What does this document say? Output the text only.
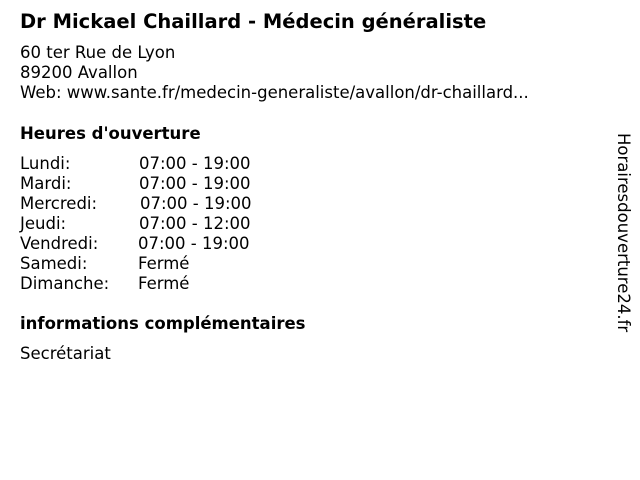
Dr Mickael Chaillard - Médecin généraliste
60 ter Rue de Lyon
89200 Avallon
Web: www.sante.fr/medecin-generaliste/avallon/dr-chaillard...
Heures d'ouverture
Lundi:	07:00 - 19:00
Mardi:	07:00 - 19:00
Mercredi:	07:00 - 19:00
Jeudi:	07:00 - 12:00
Vendredi: 07:00 - 19:00
Samedi:	Fermé
Dimanche: Fermé
informations complémentaires
Secrétariat
Horairesdouverture24.fr
